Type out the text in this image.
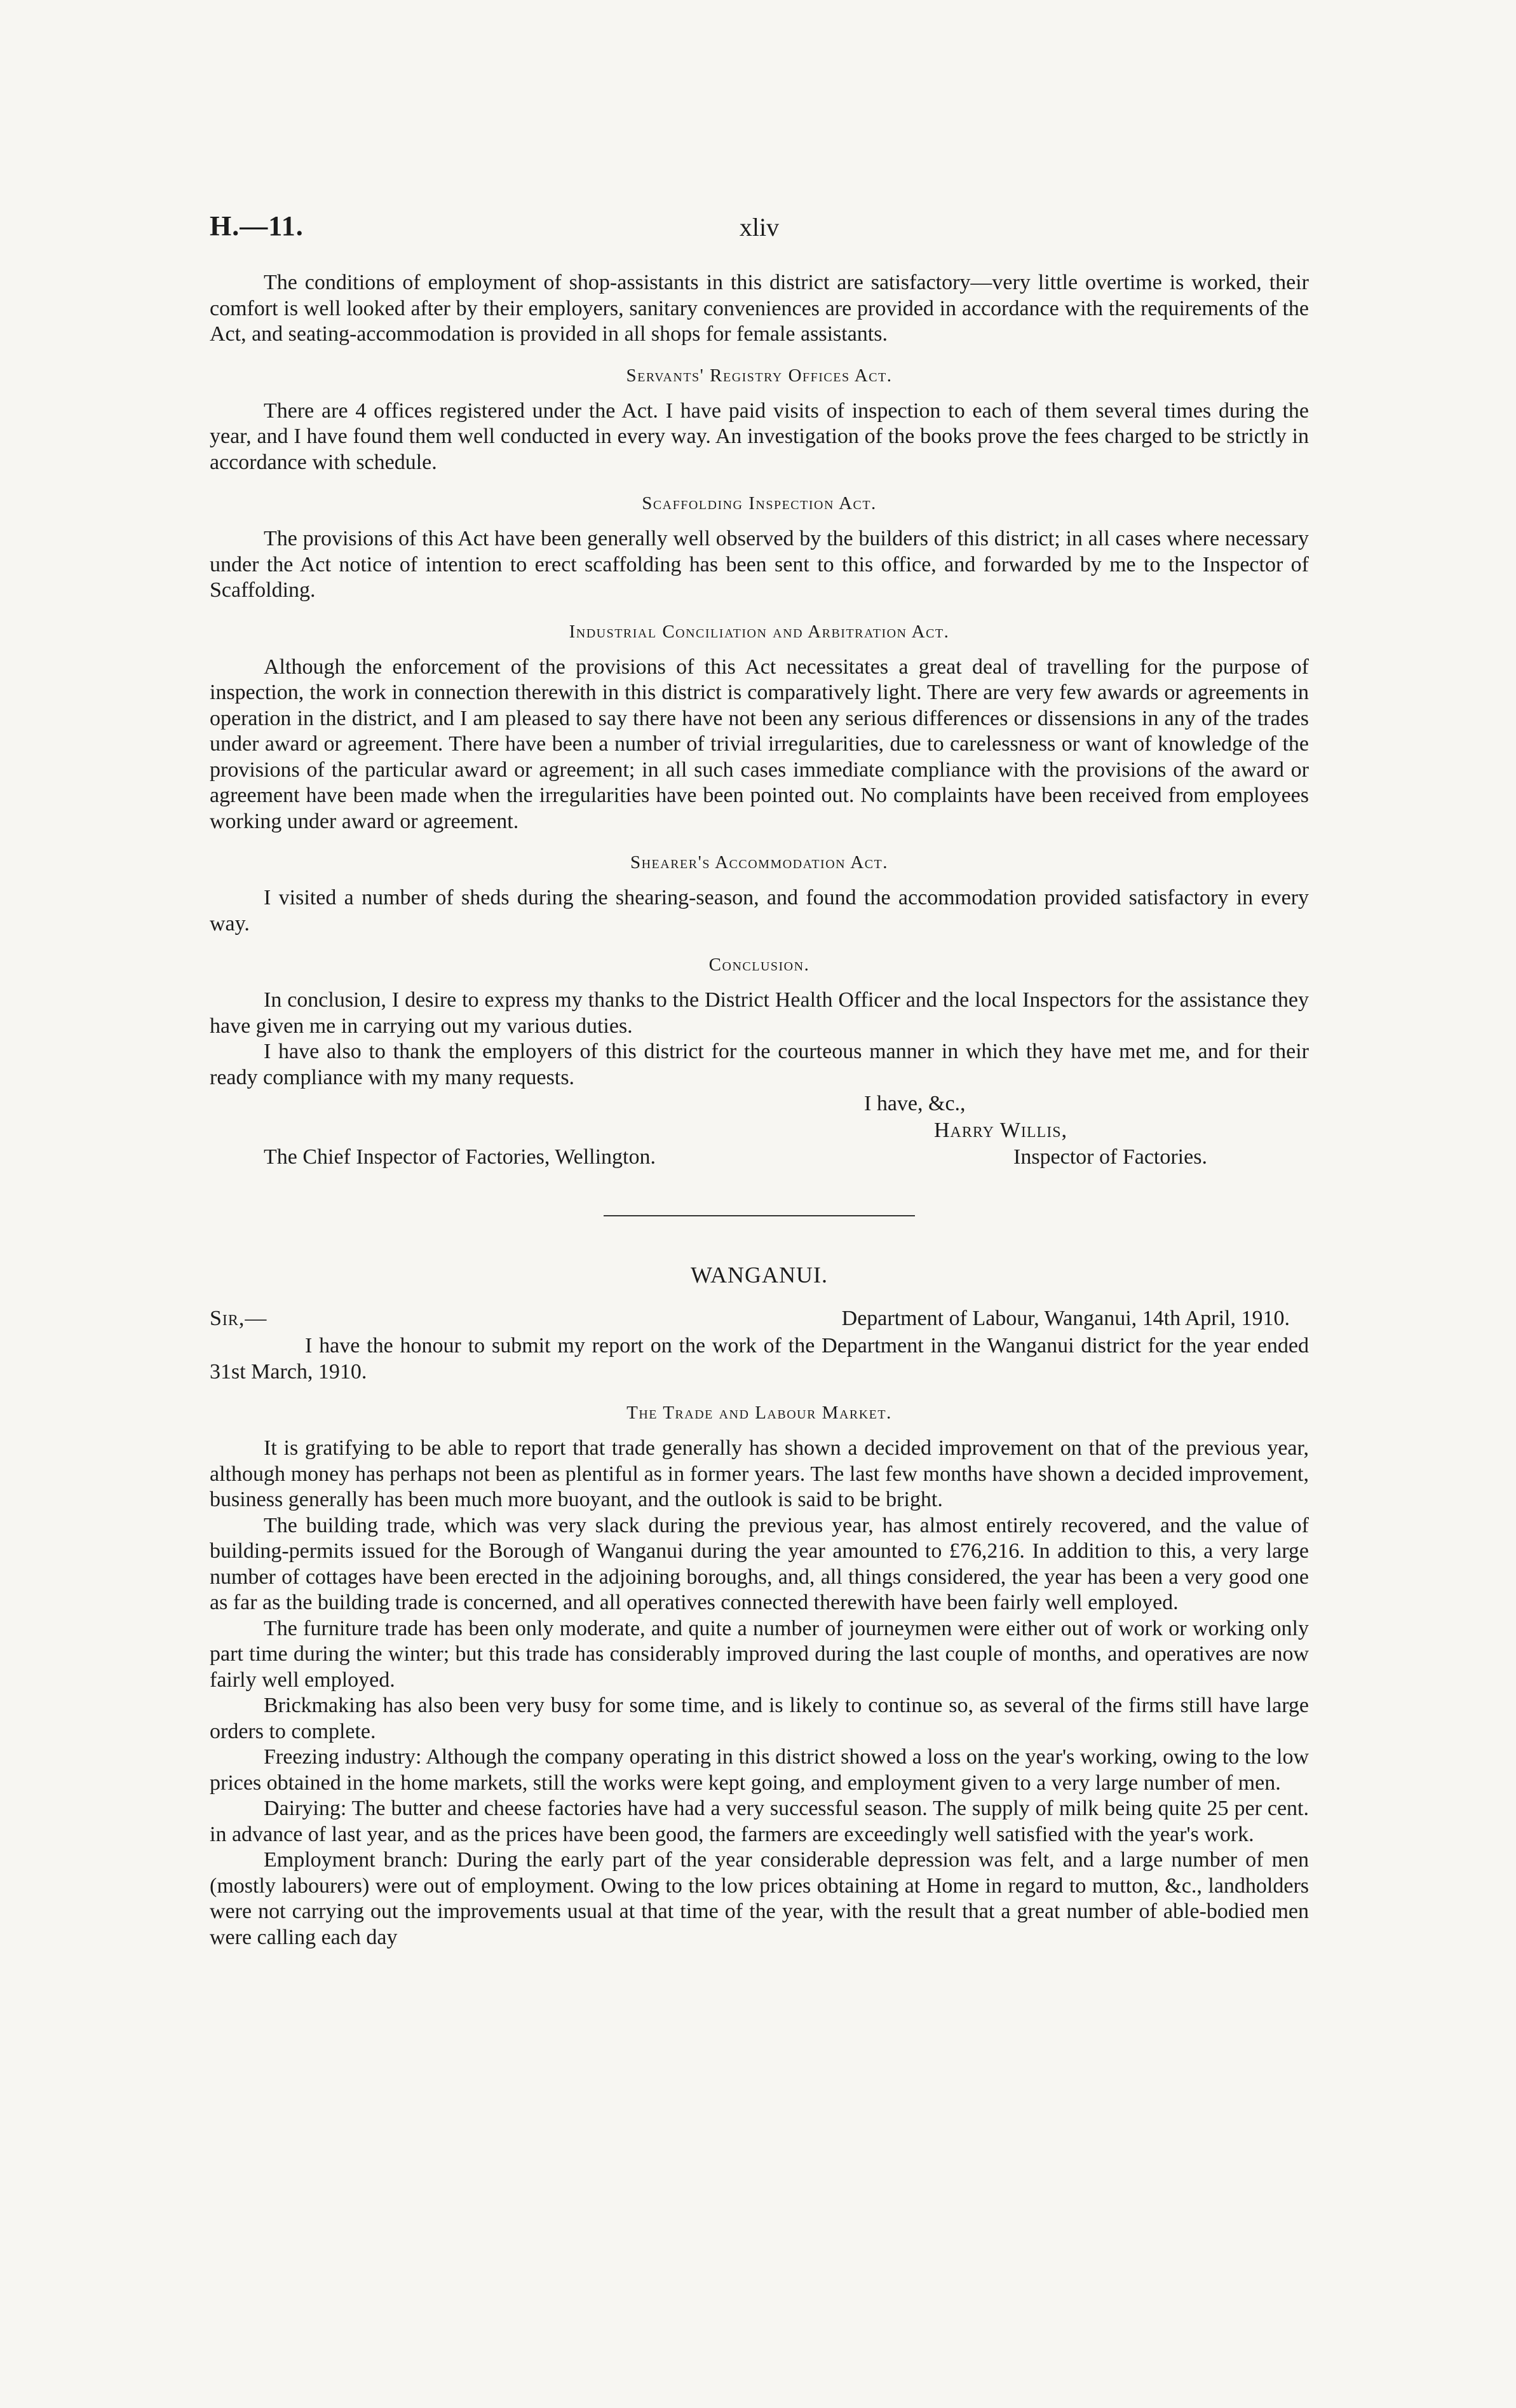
H.—11.	xliv

The conditions of employment of shop-assistants in this district are satisfactory—very little overtime is worked, their comfort is well looked after by their employers, sanitary conveniences are provided in accordance with the requirements of the Act, and seating-accommodation is provided in all shops for female assistants.

Servants' Registry Offices Act.

There are 4 offices registered under the Act. I have paid visits of inspection to each of them several times during the year, and I have found them well conducted in every way. An investigation of the books prove the fees charged to be strictly in accordance with schedule.

Scaffolding Inspection Act.

The provisions of this Act have been generally well observed by the builders of this district; in all cases where necessary under the Act notice of intention to erect scaffolding has been sent to this office, and forwarded by me to the Inspector of Scaffolding.

Industrial Conciliation and Arbitration Act.

Although the enforcement of the provisions of this Act necessitates a great deal of travelling for the purpose of inspection, the work in connection therewith in this district is comparatively light. There are very few awards or agreements in operation in the district, and I am pleased to say there have not been any serious differences or dissensions in any of the trades under award or agreement. There have been a number of trivial irregularities, due to carelessness or want of knowledge of the provisions of the particular award or agreement; in all such cases immediate compliance with the provisions of the award or agreement have been made when the irregularities have been pointed out. No complaints have been received from employees working under award or agreement.

Shearer's Accommodation Act.

I visited a number of sheds during the shearing-season, and found the accommodation provided satisfactory in every way.

Conclusion.

In conclusion, I desire to express my thanks to the District Health Officer and the local Inspectors for the assistance they have given me in carrying out my various duties.

I have also to thank the employers of this district for the courteous manner in which they have met me, and for their ready compliance with my many requests.

I have, &c.,
Harry Willis,
The Chief Inspector of Factories, Wellington.	Inspector of Factories.
WANGANUI.
Sir,—	Department of Labour, Wanganui, 14th April, 1910.

I have the honour to submit my report on the work of the Department in the Wanganui district for the year ended 31st March, 1910.

The Trade and Labour Market.

It is gratifying to be able to report that trade generally has shown a decided improvement on that of the previous year, although money has perhaps not been as plentiful as in former years. The last few months have shown a decided improvement, business generally has been much more buoyant, and the outlook is said to be bright.

The building trade, which was very slack during the previous year, has almost entirely recovered, and the value of building-permits issued for the Borough of Wanganui during the year amounted to £76,216. In addition to this, a very large number of cottages have been erected in the adjoining boroughs, and, all things considered, the year has been a very good one as far as the building trade is concerned, and all operatives connected therewith have been fairly well employed.

The furniture trade has been only moderate, and quite a number of journeymen were either out of work or working only part time during the winter; but this trade has considerably improved during the last couple of months, and operatives are now fairly well employed.

Brickmaking has also been very busy for some time, and is likely to continue so, as several of the firms still have large orders to complete.

Freezing industry: Although the company operating in this district showed a loss on the year's working, owing to the low prices obtained in the home markets, still the works were kept going, and employment given to a very large number of men.

Dairying: The butter and cheese factories have had a very successful season. The supply of milk being quite 25 per cent. in advance of last year, and as the prices have been good, the farmers are exceedingly well satisfied with the year's work.

Employment branch: During the early part of the year considerable depression was felt, and a large number of men (mostly labourers) were out of employment. Owing to the low prices obtaining at Home in regard to mutton, &c., landholders were not carrying out the improvements usual at that time of the year, with the result that a great number of able-bodied men were calling each day
